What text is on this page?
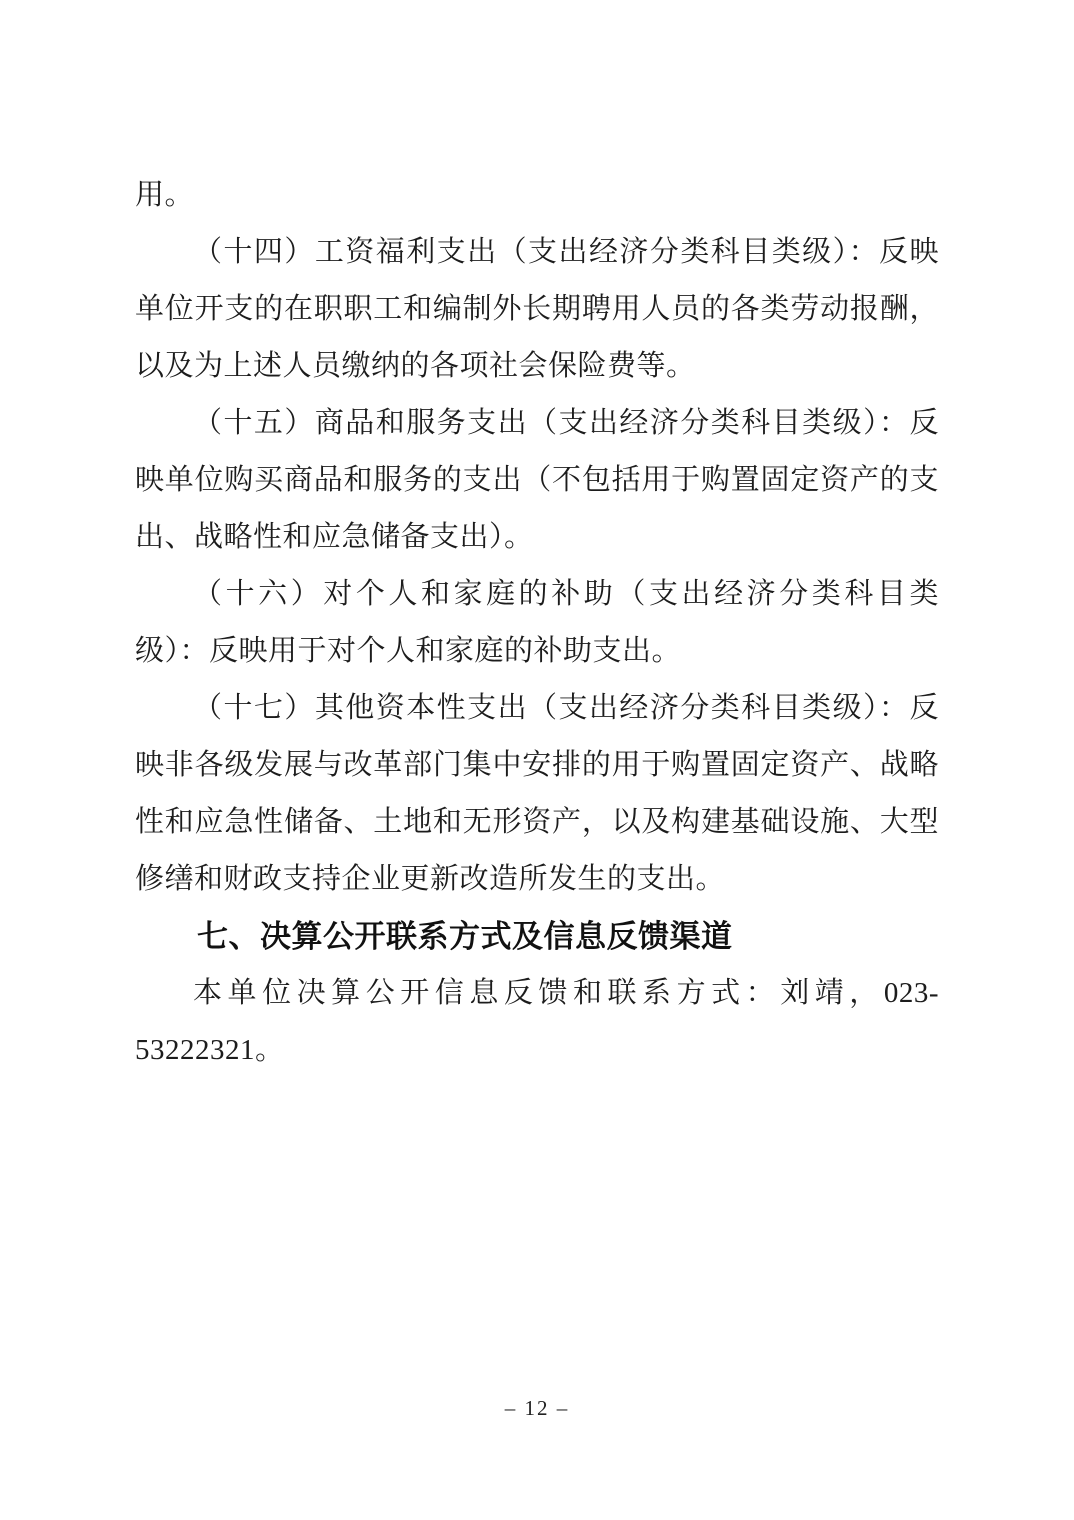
用。

（十四）工资福利支出（支出经济分类科目类级）：反映单位开支的在职职工和编制外长期聘用人员的各类劳动报酬，以及为上述人员缴纳的各项社会保险费等。

（十五）商品和服务支出（支出经济分类科目类级）：反映单位购买商品和服务的支出（不包括用于购置固定资产的支出、战略性和应急储备支出）。

（十六）对个人和家庭的补助（支出经济分类科目类级）：反映用于对个人和家庭的补助支出。

（十七）其他资本性支出（支出经济分类科目类级）：反映非各级发展与改革部门集中安排的用于购置固定资产、战略性和应急性储备、土地和无形资产，以及构建基础设施、大型修缮和财政支持企业更新改造所发生的支出。

七、决算公开联系方式及信息反馈渠道

本单位决算公开信息反馈和联系方式：刘靖，023-53222321。

– 12 –
